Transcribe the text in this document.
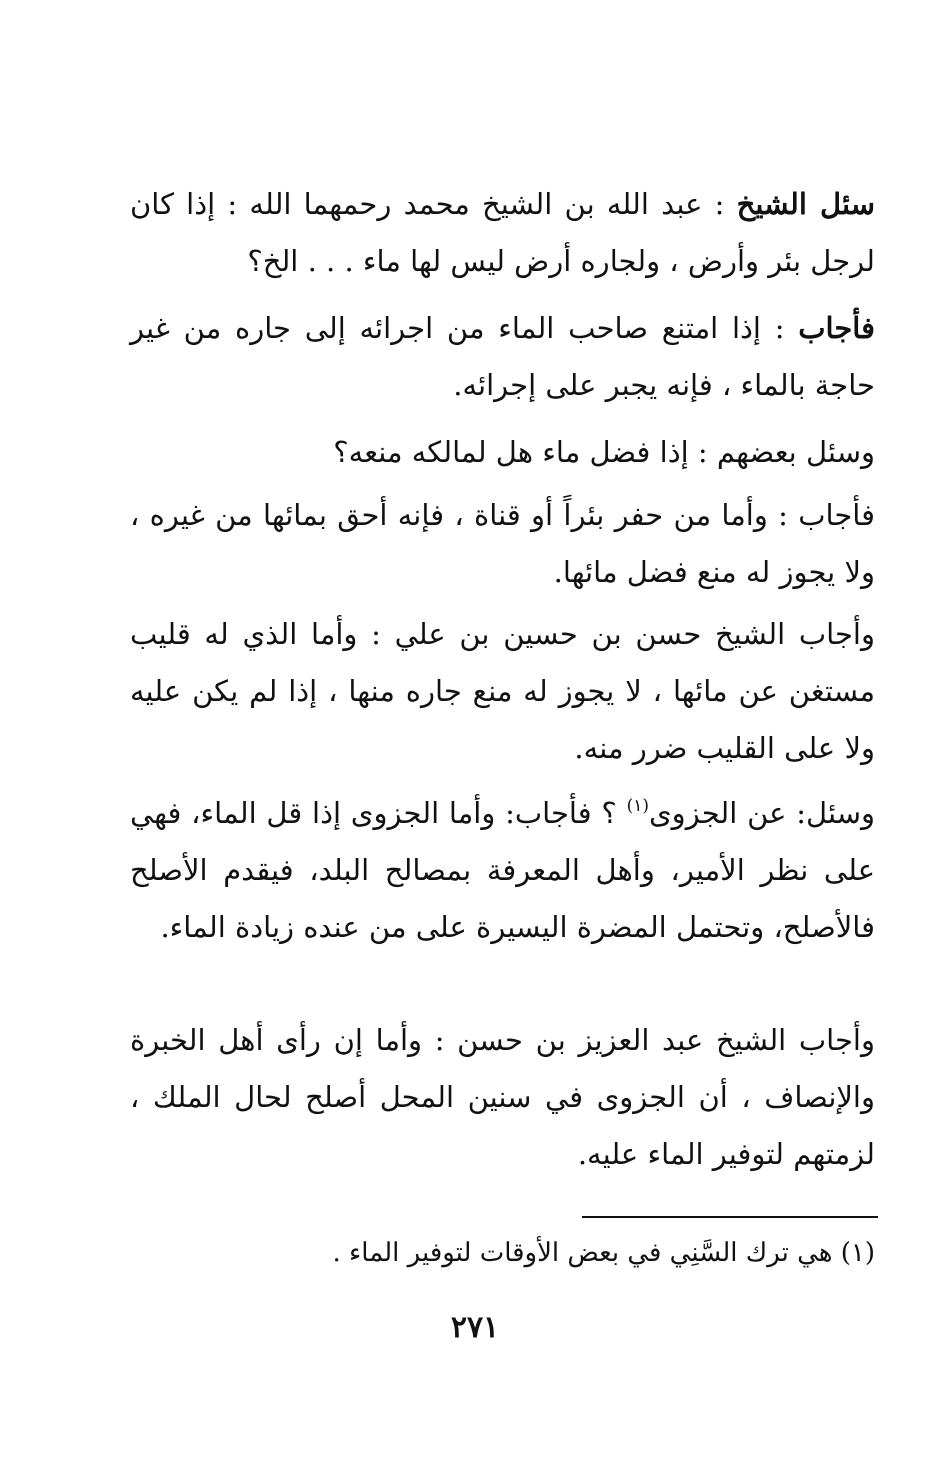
سئل الشيخ : عبد الله بن الشيخ محمد رحمهما الله : إذا كان لرجل بئر وأرض ، ولجاره أرض ليس لها ماء . . . الخ؟

فأجاب : إذا امتنع صاحب الماء من اجرائه إلى جاره من غير حاجة بالماء ، فإنه يجبر على إجرائه.

وسئل بعضهم : إذا فضل ماء هل لمالكه منعه؟

فأجاب : وأما من حفر بئراً أو قناة ، فإنه أحق بمائها من غيره ، ولا يجوز له منع فضل مائها.

وأجاب الشيخ حسن بن حسين بن علي : وأما الذي له قليب مستغن عن مائها ، لا يجوز له منع جاره منها ، إذا لم يكن عليه ولا على القليب ضرر منه.

وسئل: عن الجزوى$^{(١)}$ ؟ فأجاب: وأما الجزوى إذا قل الماء، فهي على نظر الأمير، وأهل المعرفة بمصالح البلد، فيقدم الأصلح فالأصلح، وتحتمل المضرة اليسيرة على من عنده زيادة الماء.

وأجاب الشيخ عبد العزيز بن حسن : وأما إن رأى أهل الخبرة والإنصاف ، أن الجزوى في سنين المحل أصلح لحال الملك ، لزمتهم لتوفير الماء عليه.

(١) هي ترك السَّنِي في بعض الأوقات لتوفير الماء .

٢٧١
